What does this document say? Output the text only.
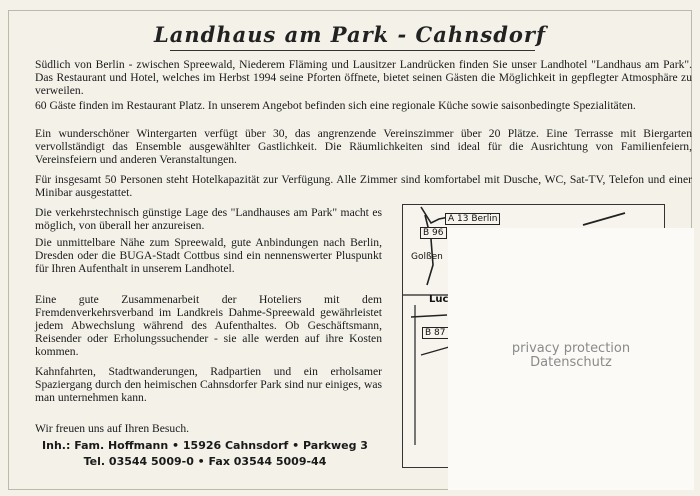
Landhaus am Park - Cahnsdorf
Südlich von Berlin - zwischen Spreewald, Niederem Fläming und Lausitzer Landrücken finden Sie unser Landhotel "Landhaus am Park". Das Restaurant und Hotel, welches im Herbst 1994 seine Pforten öffnete, bietet seinen Gästen die Möglichkeit in gepflegter Atmosphäre zu verweilen.
60 Gäste finden im Restaurant Platz. In unserem Angebot befinden sich eine regionale Küche sowie saisonbedingte Spezialitäten.
Ein wunderschöner Wintergarten verfügt über 30, das angrenzende Vereinszimmer über 20 Plätze. Eine Terrasse mit Biergarten vervollständigt das Ensemble ausgewählter Gastlichkeit. Die Räumlichkeiten sind ideal für die Ausrichtung von Familienfeiern, Vereinsfeiern und anderen Veranstaltungen.
Für insgesamt 50 Personen steht Hotelkapazität zur Verfügung. Alle Zimmer sind komfortabel mit Dusche, WC, Sat-TV, Telefon und einer Minibar ausgestattet.
Die verkehrstechnisch günstige Lage des "Landhauses am Park" macht es möglich, von überall her anzureisen.
Die unmittelbare Nähe zum Spreewald, gute Anbindungen nach Berlin, Dresden oder die BUGA-Stadt Cottbus sind ein nennenswerter Pluspunkt für Ihren Aufenthalt in unserem Landhotel.
Eine gute Zusammenarbeit der Hoteliers mit dem Fremdenverkehrsverband im Landkreis Dahme-Spreewald gewährleistet jedem Abwechslung während des Aufenthaltes. Ob Geschäftsmann, Reisender oder Erholungssuchender - sie alle werden auf ihre Kosten kommen.
Kahnfahrten, Stadtwanderungen, Radpartien und ein erholsamer Spaziergang durch den heimischen Cahnsdorfer Park sind nur einiges, was man unternehmen kann.
Wir freuen uns auf Ihren Besuch.
Inh.: Fam. Hoffmann • 15926 Cahnsdorf • Parkweg 3
Tel. 03544 5009-0 • Fax 03544 5009-44
A 13 Berlin
B 96
Golßen
Luc
B 87
privacy protection
Datenschutz
